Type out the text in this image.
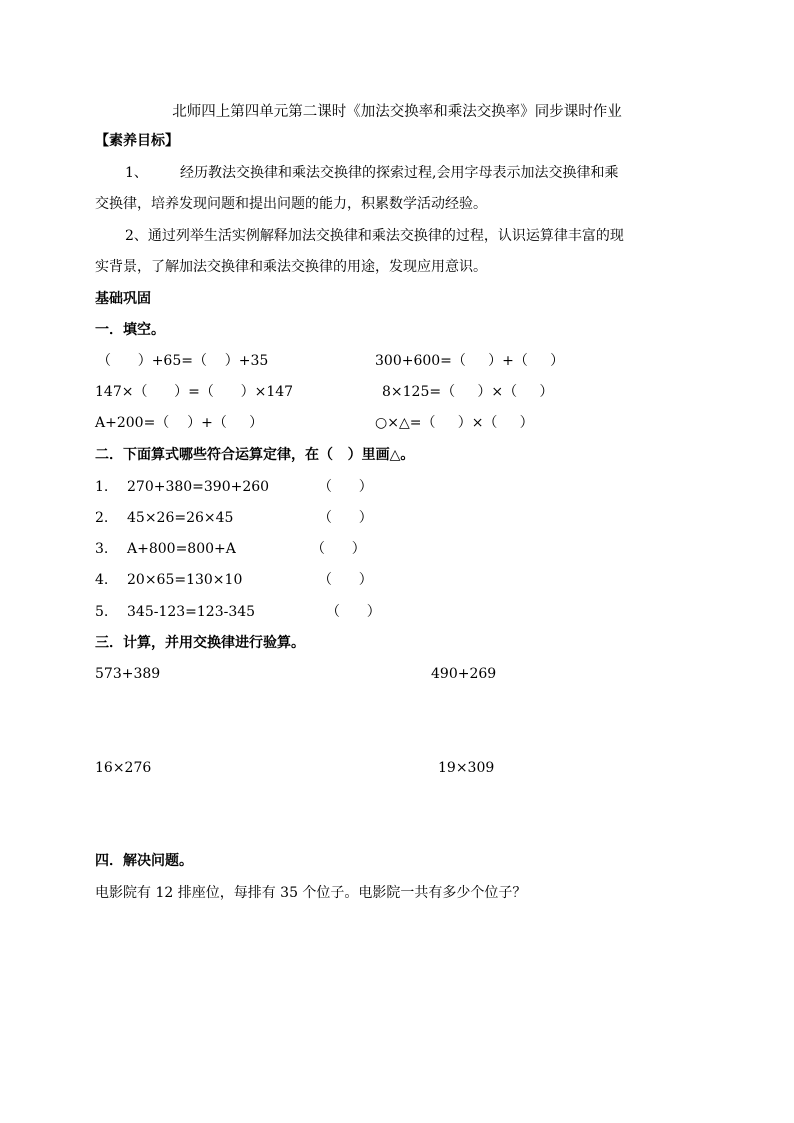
北师四上第四单元第二课时《加法交换率和乘法交换率》同步课时作业
【素养目标】
1、 经历教法交换律和乘法交换律的探索过程,会用字母表示加法交换律和乘
交换律，培养发现问题和提出问题的能力，积累数学活动经验。
2、通过列举生活实例解释加法交换律和乘法交换律的过程，认识运算律丰富的现
实背景，了解加法交换律和乘法交换律的用途，发现应用意识。
基础巩固
一．填空。
（      ）+65=（    ）+35	300+600=（     ）+（     ）
147×（      ）=（      ）×147	8×125=（     ）×（     ）
A+200=（    ）+（     ）	○×△=（     ）×（     ）
二．下面算式哪些符合运算定律，在（   ）里画△。
1. 270+380=390+260	（      ）
2. 45×26=26×45	（      ）
3. A+800=800+A	（      ）
4. 20×65=130×10	（      ）
5. 345-123=123-345	（      ）
三．计算，并用交换律进行验算。
573+389	490+269
16×276	19×309
四．解决问题。
电影院有 12 排座位，每排有 35 个位子。电影院一共有多少个位子？
